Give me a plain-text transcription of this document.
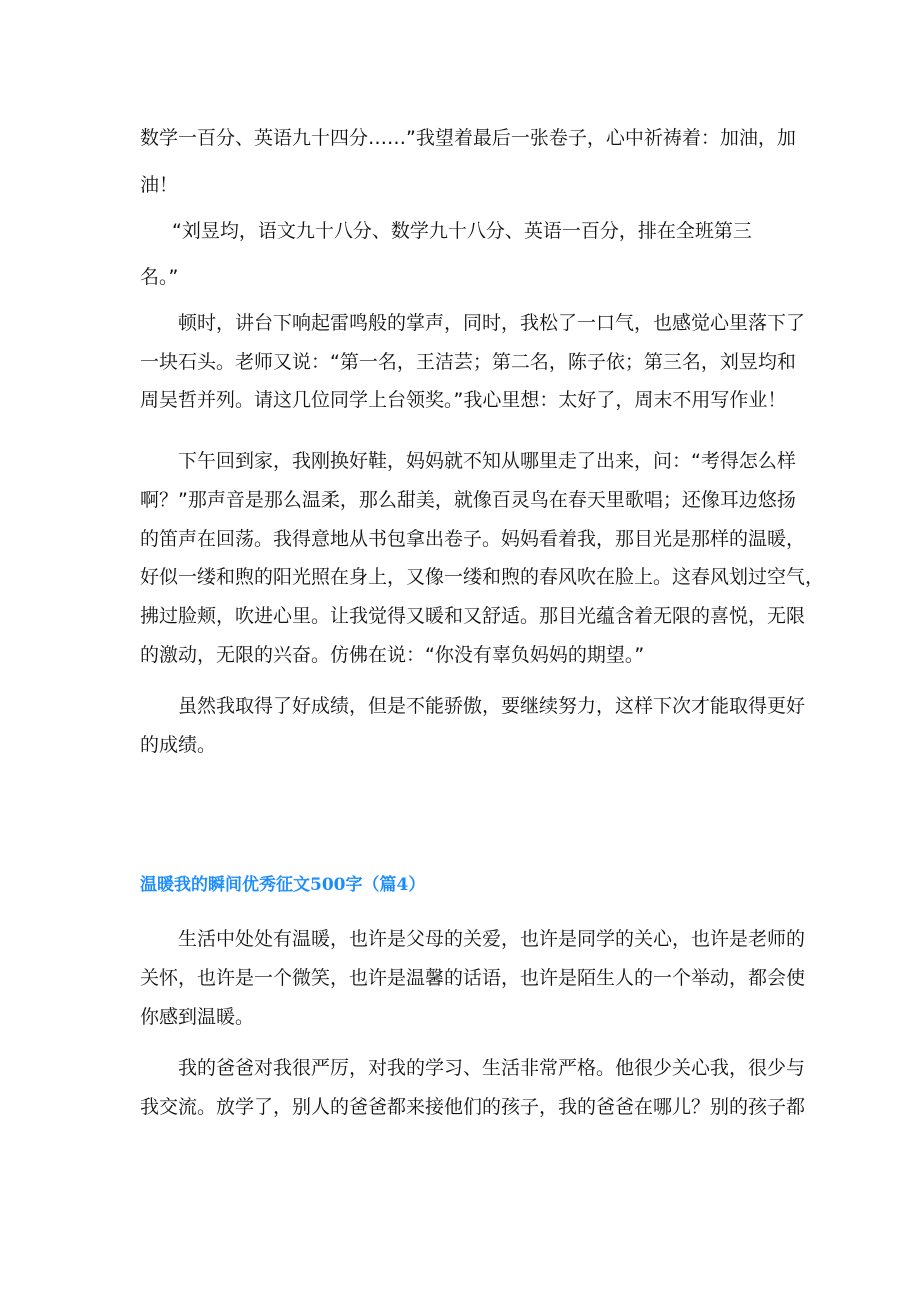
数学一百分、英语九十四分……”我望着最后一张卷子，心中祈祷着：加油，加
油！
“刘昱均，语文九十八分、数学九十八分、英语一百分，排在全班第三
名。”
顿时，讲台下响起雷鸣般的掌声，同时，我松了一口气，也感觉心里落下了
一块石头。老师又说：“第一名，王洁芸；第二名，陈子依；第三名，刘昱均和
周吴哲并列。请这几位同学上台领奖。”我心里想：太好了，周末不用写作业！
下午回到家，我刚换好鞋，妈妈就不知从哪里走了出来，问：“考得怎么样
啊？”那声音是那么温柔，那么甜美，就像百灵鸟在春天里歌唱；还像耳边悠扬
的笛声在回荡。我得意地从书包拿出卷子。妈妈看着我，那目光是那样的温暖，
好似一缕和煦的阳光照在身上，又像一缕和煦的春风吹在脸上。这春风划过空气，
拂过脸颊，吹进心里。让我觉得又暖和又舒适。那目光蕴含着无限的喜悦，无限
的激动，无限的兴奋。仿佛在说：“你没有辜负妈妈的期望。”
虽然我取得了好成绩，但是不能骄傲，要继续努力，这样下次才能取得更好
的成绩。
温暖我的瞬间优秀征文500字（篇4）
生活中处处有温暖，也许是父母的关爱，也许是同学的关心，也许是老师的
关怀，也许是一个微笑，也许是温馨的话语，也许是陌生人的一个举动，都会使
你感到温暖。
我的爸爸对我很严厉，对我的学习、生活非常严格。他很少关心我，很少与
我交流。放学了，别人的爸爸都来接他们的孩子，我的爸爸在哪儿？别的孩子都
